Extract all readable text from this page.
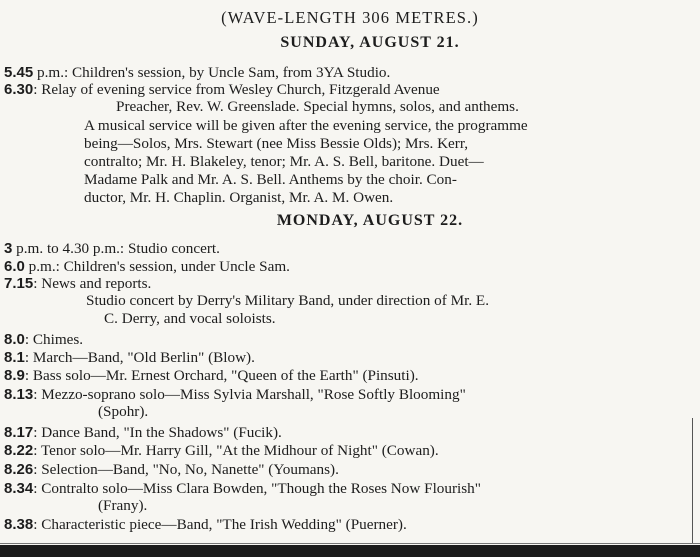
(WAVE-LENGTH 306 METRES.)
SUNDAY, AUGUST 21.
5.45 p.m.: Children's session, by Uncle Sam, from 3YA Studio.
6.30: Relay of evening service from Wesley Church, Fitzgerald Avenue
Preacher, Rev. W. Greenslade. Special hymns, solos, and anthems.
A musical service will be given after the evening service, the programme
being—Solos, Mrs. Stewart (nee Miss Bessie Olds); Mrs. Kerr,
contralto; Mr. H. Blakeley, tenor; Mr. A. S. Bell, baritone. Duet—
Madame Palk and Mr. A. S. Bell. Anthems by the choir. Con-
ductor, Mr. H. Chaplin. Organist, Mr. A. M. Owen.
MONDAY, AUGUST 22.
3 p.m. to 4.30 p.m.: Studio concert.
6.0 p.m.: Children's session, under Uncle Sam.
7.15: News and reports.
Studio concert by Derry's Military Band, under direction of Mr. E.
C. Derry, and vocal soloists.
8.0: Chimes.
8.1: March—Band, "Old Berlin" (Blow).
8.9: Bass solo—Mr. Ernest Orchard, "Queen of the Earth" (Pinsuti).
8.13: Mezzo-soprano solo—Miss Sylvia Marshall, "Rose Softly Blooming"
(Spohr).
8.17: Dance Band, "In the Shadows" (Fucik).
8.22: Tenor solo—Mr. Harry Gill, "At the Midhour of Night" (Cowan).
8.26: Selection—Band, "No, No, Nanette" (Youmans).
8.34: Contralto solo—Miss Clara Bowden, "Though the Roses Now Flourish"
(Frany).
8.38: Characteristic piece—Band, "The Irish Wedding" (Puerner).
